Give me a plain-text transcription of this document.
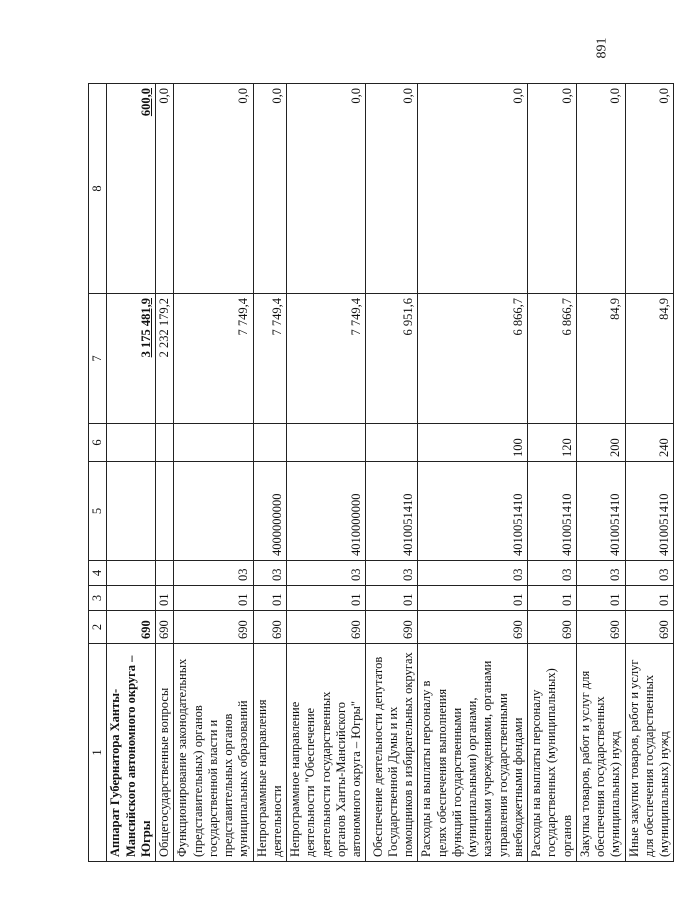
891
1	2	3	4	5	6	7	8
Аппарат Губернатора Ханты-Мансийского автономного округа – Югры	690					3 175 481,9	600,0
Общегосударственные вопросы	690	01				2 232 179,2	0,0
Функционирование законодательных (представительных) органов государственной власти и представительных органов муниципальных образований	690	01	03			7 749,4	0,0
Непрограммные направления деятельности	690	01	03	4000000000		7 749,4	0,0
Непрограммное направление деятельности "Обеспечение деятельности государственных органов Ханты-Мансийского автономного округа – Югры"	690	01	03	4010000000		7 749,4	0,0
Обеспечение деятельности депутатов Государственной Думы и их помощников в избирательных округах	690	01	03	4010051410		6 951,6	0,0
Расходы на выплаты персоналу в целях обеспечения выполнения функций государственными (муниципальными) органами, казенными учреждениями, органами управления государственными внебюджетными фондами	690	01	03	4010051410	100	6 866,7	0,0
Расходы на выплаты персоналу государственных (муниципальных) органов	690	01	03	4010051410	120	6 866,7	0,0
Закупка товаров, работ и услуг для обеспечения государственных (муниципальных) нужд	690	01	03	4010051410	200	84,9	0,0
Иные закупки товаров, работ и услуг для обеспечения государственных (муниципальных) нужд	690	01	03	4010051410	240	84,9	0,0
